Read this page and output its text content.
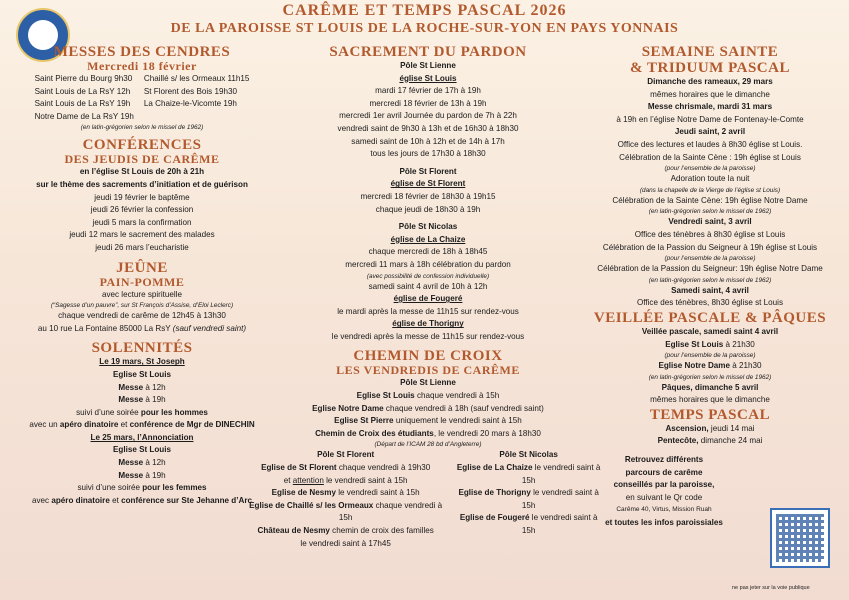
CARÊME ET TEMPS PASCAL 2026
DE LA PAROISSE ST LOUIS DE LA ROCHE-SUR-YON EN PAYS YONNAIS
MESSES DES CENDRES
Mercredi 18 février
Saint Pierre du Bourg 9h30
Saint Louis de La RsY 12h
Saint Louis de La RsY 19h
Notre Dame de La RsY 19h
Chaillé s/ les Ormeaux 11h15
St Florent des Bois 19h30
La Chaize-le-Vicomte 19h
(en latin-grégorien selon le missel de 1962)
CONFÉRENCES
DES JEUDIS DE CARÊME
en l’église St Louis de 20h à 21h
sur le thème des sacrements d’initiation et de guérison
jeudi 19 février le baptême
jeudi 26 février la confession
jeudi 5 mars la confirmation
jeudi 12 mars le sacrement des malades
jeudi 26 mars l’eucharistie
JEÛNE
PAIN-POMME
avec lecture spirituelle
(“Sagesse d’un pauvre”, sur St François d’Assise, d’Eloi Leclerc)
chaque vendredi de carême de 12h45 à 13h30
au 10 rue La Fontaine 85000 La RsY (sauf vendredi saint)
SOLENNITÉS
Le 19 mars, St Joseph
Eglise St Louis
Messe à 12h
Messe à 19h
suivi d’une soirée pour les hommes
avec un apéro dinatoire et conférence de Mgr de DINECHIN
Le 25 mars, l’Annonciation
Eglise St Louis
Messe à 12h
Messe à 19h
suivi d’une soirée pour les femmes
avec apéro dinatoire et conférence sur Ste Jehanne d’Arc
SACREMENT DU PARDON
Pôle St Lienne
église St Louis
mardi 17 février de 17h à 19h
mercredi 18 février de 13h à 19h
mercredi 1er avril Journée du pardon de 7h à 22h
vendredi saint de 9h30 à 13h et de 16h30 à 18h30
samedi saint de 10h à 12h et de 14h à 17h
tous les jours de 17h30 à 18h30
Pôle St Florent
église de St Florent
mercredi 18 février de 18h30 à 19h15
chaque jeudi de 18h30 à 19h
Pôle St Nicolas
église de La Chaize
chaque mercredi de 18h à 18h45
mercredi 11 mars à 18h célébration du pardon
(avec possibilité de confession individuelle)
samedi saint 4 avril de 10h à 12h
église de Fougeré
le mardi après la messe de 11h15 sur rendez-vous
église de Thorigny
le vendredi après la messe de 11h15 sur rendez-vous
CHEMIN DE CROIX
LES VENDREDIS DE CARÊME
Pôle St Lienne
Eglise St Louis chaque vendredi à 15h
Eglise Notre Dame chaque vendredi à 18h (sauf vendredi saint)
Eglise St Pierre uniquement le vendredi saint à 15h
Chemin de Croix des étudiants, le vendredi 20 mars à 18h30
(Départ de l’ICAM 28 bd d’Angleterre)
Pôle St Florent
Eglise de St Florent chaque vendredi à 19h30
et attention le vendredi saint à 15h
Eglise de Nesmy le vendredi saint à 15h
Eglise de Chaillé s/ les Ormeaux chaque vendredi à 15h
Château de Nesmy chemin de croix des familles
le vendredi saint à 17h45
Pôle St Nicolas
Eglise de La Chaize le vendredi saint à 15h
Eglise de Thorigny le vendredi saint à 15h
Eglise de Fougeré le vendredi saint à 15h
SEMAINE SAINTE
& TRIDUUM PASCAL
Dimanche des rameaux, 29 mars
mêmes horaires que le dimanche
Messe chrismale, mardi 31 mars
à 19h en l’église Notre Dame de Fontenay-le-Comte
Jeudi saint, 2 avril
Office des lectures et laudes à 8h30 église st Louis.
Célébration de la Sainte Cène : 19h église st Louis
(pour l’ensemble de la paroisse)
Adoration toute la nuit
(dans la chapelle de la Vierge de l’église st Louis)
Célébration de la Sainte Cène: 19h église Notre Dame
(en latin-grégorien selon le missel de 1962)
Vendredi saint, 3 avril
Office des ténèbres à 8h30 église st Louis
Célébration de la Passion du Seigneur à 19h église st Louis
(pour l’ensemble de la paroisse)
Célébration de la Passion du Seigneur: 19h église Notre Dame
(en latin-grégorien selon le missel de 1962)
Samedi saint, 4 avril
Office des ténèbres, 8h30 église st Louis
VEILLÉE PASCALE & PÂQUES
Veillée pascale, samedi saint 4 avril
Eglise St Louis à 21h30
(pour l’ensemble de la paroisse)
Eglise Notre Dame à 21h30
(en latin-grégorien selon le missel de 1962)
Pâques, dimanche 5 avril
mêmes horaires que le dimanche
TEMPS PASCAL
Ascension, jeudi 14 mai
Pentecôte, dimanche 24 mai
Retrouvez différents
parcours de carême
conseillés par la paroisse,
en suivant le Qr code
Carême 40, Virtus, Mission Ruah
et toutes les infos paroissiales
ne pas jeter sur la voie publique
